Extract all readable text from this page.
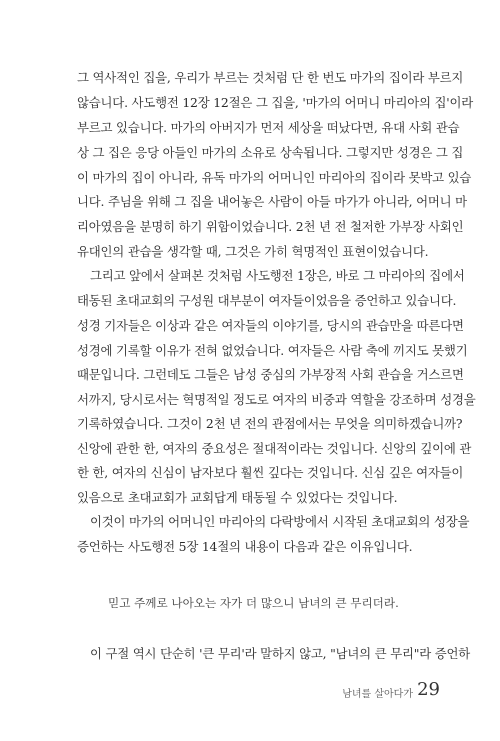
그 역사적인 집을, 우리가 부르는 것처럼 단 한 번도 마가의 집이라 부르지
않습니다. 사도행전 12장 12절은 그 집을, '마가의 어머니 마리아의 집'이라
부르고 있습니다. 마가의 아버지가 먼저 세상을 떠났다면, 유대 사회 관습
상 그 집은 응당 아들인 마가의 소유로 상속됩니다. 그렇지만 성경은 그 집
이 마가의 집이 아니라, 유독 마가의 어머니인 마리아의 집이라 못박고 있습
니다. 주님을 위해 그 집을 내어놓은 사람이 아들 마가가 아니라, 어머니 마
리아였음을 분명히 하기 위함이었습니다. 2천 년 전 철저한 가부장 사회인
유대인의 관습을 생각할 때, 그것은 가히 혁명적인 표현이었습니다.
그리고 앞에서 살펴본 것처럼 사도행전 1장은, 바로 그 마리아의 집에서
태동된 초대교회의 구성원 대부분이 여자들이었음을 증언하고 있습니다.
성경 기자들은 이상과 같은 여자들의 이야기를, 당시의 관습만을 따른다면
성경에 기록할 이유가 전혀 없었습니다. 여자들은 사람 축에 끼지도 못했기
때문입니다. 그런데도 그들은 남성 중심의 가부장적 사회 관습을 거스르면
서까지, 당시로서는 혁명적일 정도로 여자의 비중과 역할을 강조하며 성경을
기록하였습니다. 그것이 2천 년 전의 관점에서는 무엇을 의미하겠습니까?
신앙에 관한 한, 여자의 중요성은 절대적이라는 것입니다. 신앙의 깊이에 관
한 한, 여자의 신심이 남자보다 훨씬 깊다는 것입니다. 신심 깊은 여자들이
있음으로 초대교회가 교회답게 태동될 수 있었다는 것입니다.
이것이 마가의 어머니인 마리아의 다락방에서 시작된 초대교회의 성장을
증언하는 사도행전 5장 14절의 내용이 다음과 같은 이유입니다.
믿고 주께로 나아오는 자가 더 많으니 남녀의 큰 무리더라.
이 구절 역시 단순히 '큰 무리'라 말하지 않고, "남녀의 큰 무리"라 증언하
남녀를 살아다가 29
